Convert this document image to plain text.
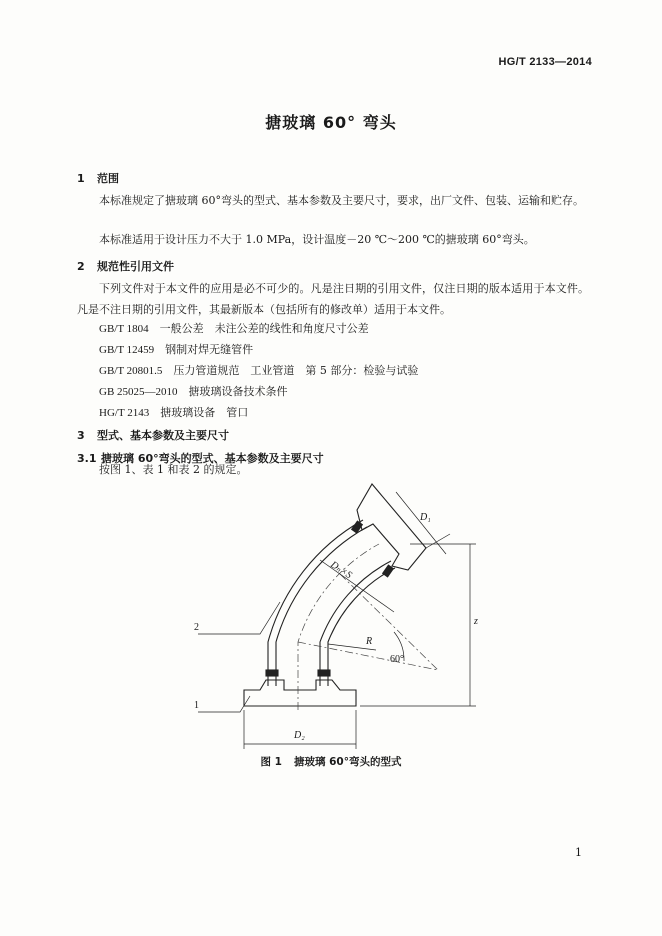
HG/T 2133—2014
搪玻璃 60° 弯头
1 范围
本标准规定了搪玻璃 60°弯头的型式、基本参数及主要尺寸，要求，出厂文件、包装、运输和贮存。
本标准适用于设计压力不大于 1.0 MPa，设计温度－20 ℃～200 ℃的搪玻璃 60°弯头。
2 规范性引用文件
下列文件对于本文件的应用是必不可少的。凡是注日期的引用文件，仅注日期的版本适用于本文件。凡是不注日期的引用文件，其最新版本（包括所有的修改单）适用于本文件。
GB/T 1804　 一般公差　未注公差的线性和角度尺寸公差
GB/T 12459　 钢制对焊无缝管件
GB/T 20801.5　 压力管道规范　工业管道　第 5 部分：检验与试验
GB 25025—2010　 搪玻璃设备技术条件
HG/T 2143　 搪玻璃设备　管口
3 型式、基本参数及主要尺寸
3.1 搪玻璃 60°弯头的型式、基本参数及主要尺寸
按图 1、表 1 和表 2 的规定。
D₁
D₂
Dₙ×S
R
60°
z
2
1
图 1 搪玻璃 60°弯头的型式
1
